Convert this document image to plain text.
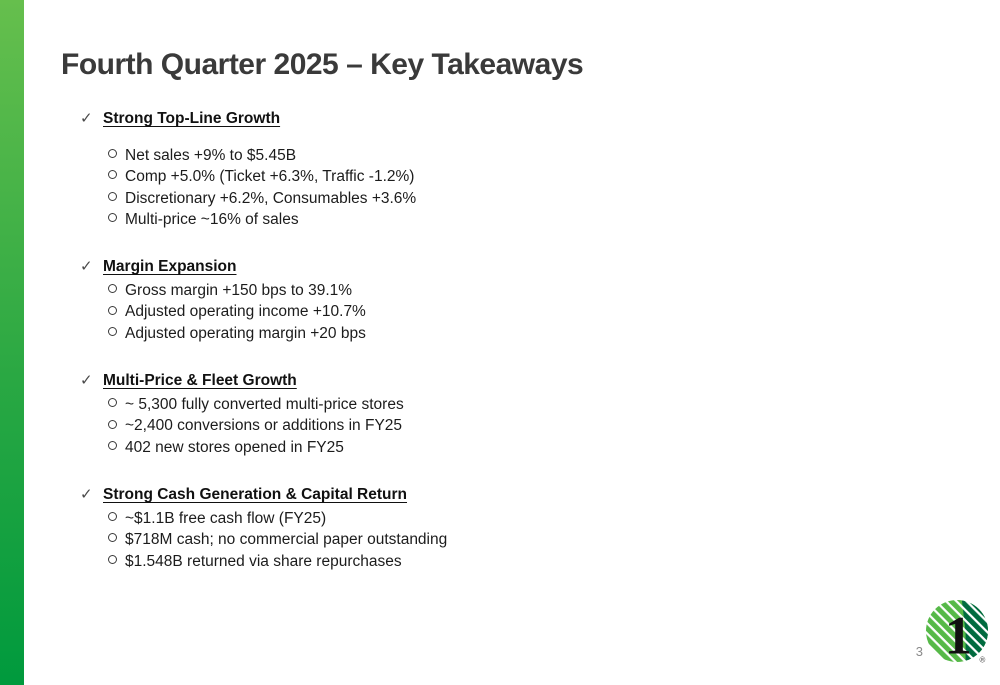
Fourth Quarter 2025 – Key Takeaways
✓ Strong Top-Line Growth
Net sales +9% to $5.45B
Comp +5.0% (Ticket +6.3%, Traffic -1.2%)
Discretionary +6.2%, Consumables +3.6%
Multi-price ~16% of sales
✓ Margin Expansion
Gross margin +150 bps to 39.1%
Adjusted operating income +10.7%
Adjusted operating margin +20 bps
✓ Multi-Price & Fleet Growth
~ 5,300 fully converted multi-price stores
~2,400 conversions or additions in FY25
402 new stores opened in FY25
✓ Strong Cash Generation & Capital Return
~$1.1B free cash flow (FY25)
$718M cash; no commercial paper outstanding
$1.548B returned via share repurchases
3 1 ®
